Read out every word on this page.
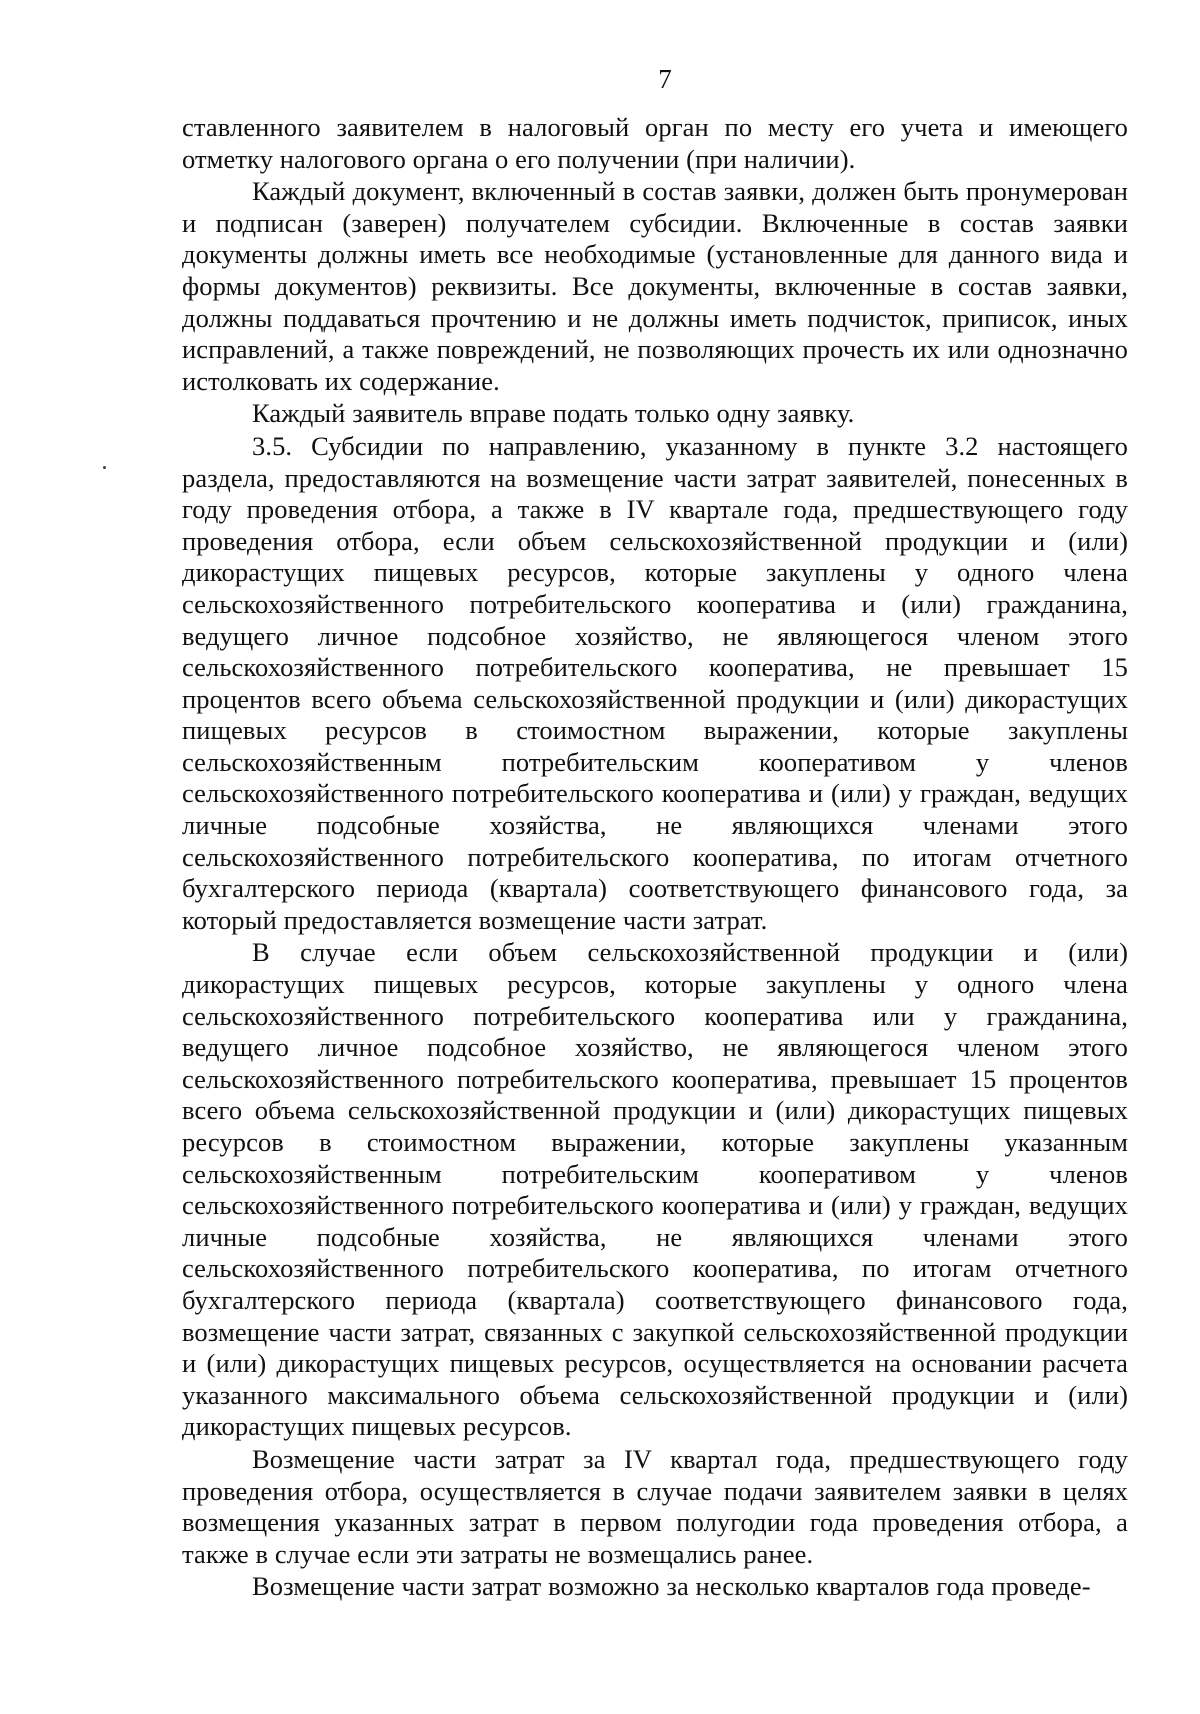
7

ставленного заявителем в налоговый орган по месту его учета и имеющего отметку налогового органа о его получении (при наличии).

Каждый документ, включенный в состав заявки, должен быть пронумерован и подписан (заверен) получателем субсидии. Включенные в состав заявки документы должны иметь все необходимые (установленные для данного вида и формы документов) реквизиты. Все документы, включенные в состав заявки, должны поддаваться прочтению и не должны иметь подчисток, приписок, иных исправлений, а также повреждений, не позволяющих прочесть их или однозначно истолковать их содержание.

Каждый заявитель вправе подать только одну заявку.

3.5. Субсидии по направлению, указанному в пункте 3.2 настоящего раздела, предоставляются на возмещение части затрат заявителей, понесенных в году проведения отбора, а также в IV квартале года, предшествующего году проведения отбора, если объем сельскохозяйственной продукции и (или) дикорастущих пищевых ресурсов, которые закуплены у одного члена сельскохозяйственного потребительского кооператива и (или) гражданина, ведущего личное подсобное хозяйство, не являющегося членом этого сельскохозяйственного потребительского кооператива, не превышает 15 процентов всего объема сельскохозяйственной продукции и (или) дикорастущих пищевых ресурсов в стоимостном выражении, которые закуплены сельскохозяйственным потребительским кооперативом у членов сельскохозяйственного потребительского кооператива и (или) у граждан, ведущих личные подсобные хозяйства, не являющихся членами этого сельскохозяйственного потребительского кооператива, по итогам отчетного бухгалтерского периода (квартала) соответствующего финансового года, за который предоставляется возмещение части затрат.

В случае если объем сельскохозяйственной продукции и (или) дикорастущих пищевых ресурсов, которые закуплены у одного члена сельскохозяйственного потребительского кооператива или у гражданина, ведущего личное подсобное хозяйство, не являющегося членом этого сельскохозяйственного потребительского кооператива, превышает 15 процентов всего объема сельскохозяйственной продукции и (или) дикорастущих пищевых ресурсов в стоимостном выражении, которые закуплены указанным сельскохозяйственным потребительским кооперативом у членов сельскохозяйственного потребительского кооператива и (или) у граждан, ведущих личные подсобные хозяйства, не являющихся членами этого сельскохозяйственного потребительского кооператива, по итогам отчетного бухгалтерского периода (квартала) соответствующего финансового года, возмещение части затрат, связанных с закупкой сельскохозяйственной продукции и (или) дикорастущих пищевых ресурсов, осуществляется на основании расчета указанного максимального объема сельскохозяйственной продукции и (или) дикорастущих пищевых ресурсов.

Возмещение части затрат за IV квартал года, предшествующего году проведения отбора, осуществляется в случае подачи заявителем заявки в целях возмещения указанных затрат в первом полугодии года проведения отбора, а также в случае если эти затраты не возмещались ранее.

Возмещение части затрат возможно за несколько кварталов года проведе-
